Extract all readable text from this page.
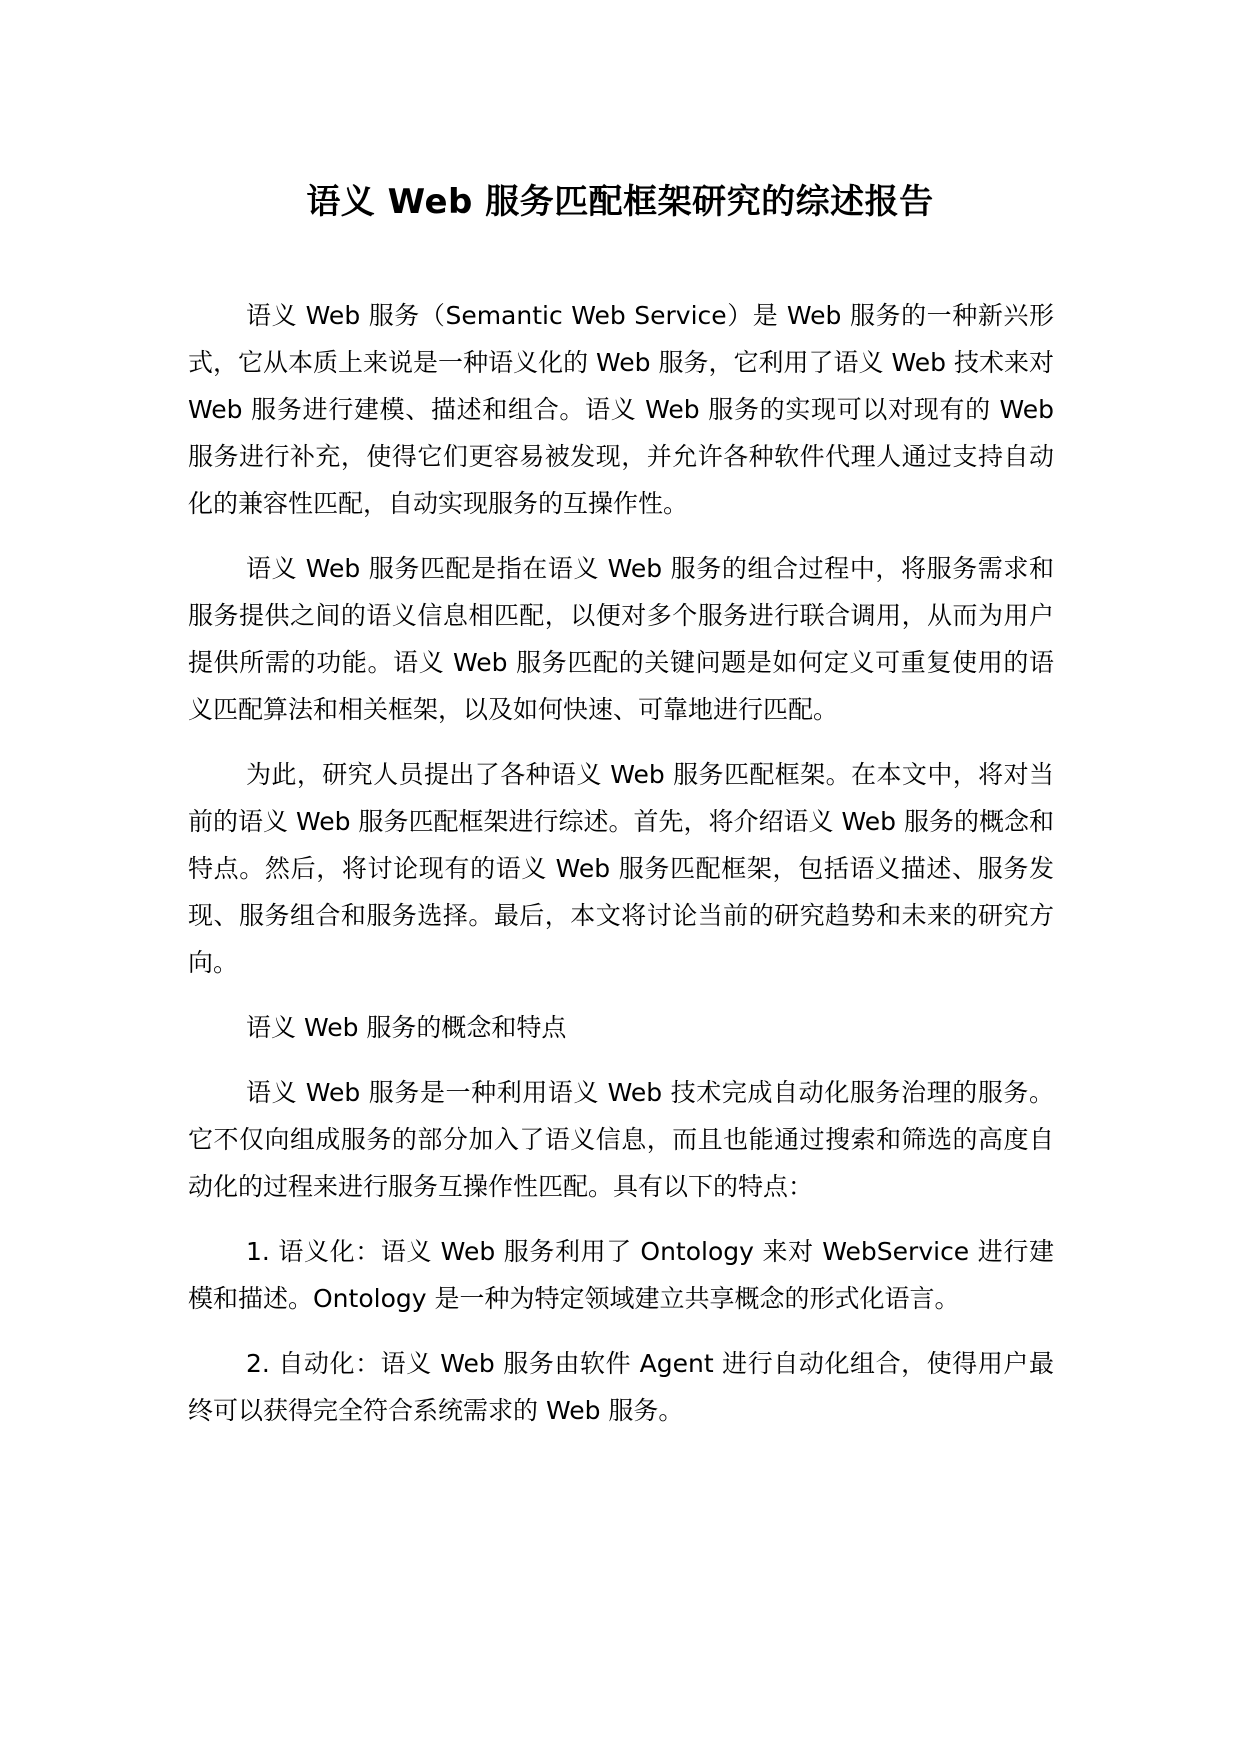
语义 Web 服务匹配框架研究的综述报告

语义 Web 服务（Semantic Web Service）是 Web 服务的一种新兴形式，它从本质上来说是一种语义化的 Web 服务，它利用了语义 Web 技术来对 Web 服务进行建模、描述和组合。语义 Web 服务的实现可以对现有的 Web 服务进行补充，使得它们更容易被发现，并允许各种软件代理人通过支持自动化的兼容性匹配，自动实现服务的互操作性。

语义 Web 服务匹配是指在语义 Web 服务的组合过程中，将服务需求和服务提供之间的语义信息相匹配，以便对多个服务进行联合调用，从而为用户提供所需的功能。语义 Web 服务匹配的关键问题是如何定义可重复使用的语义匹配算法和相关框架，以及如何快速、可靠地进行匹配。

为此，研究人员提出了各种语义 Web 服务匹配框架。在本文中，将对当前的语义 Web 服务匹配框架进行综述。首先，将介绍语义 Web 服务的概念和特点。然后，将讨论现有的语义 Web 服务匹配框架，包括语义描述、服务发现、服务组合和服务选择。最后，本文将讨论当前的研究趋势和未来的研究方向。

语义 Web 服务的概念和特点

语义 Web 服务是一种利用语义 Web 技术完成自动化服务治理的服务。它不仅向组成服务的部分加入了语义信息，而且也能通过搜索和筛选的高度自动化的过程来进行服务互操作性匹配。具有以下的特点：

1. 语义化：语义 Web 服务利用了 Ontology 来对 WebService 进行建模和描述。Ontology 是一种为特定领域建立共享概念的形式化语言。

2. 自动化：语义 Web 服务由软件 Agent 进行自动化组合，使得用户最终可以获得完全符合系统需求的 Web 服务。
